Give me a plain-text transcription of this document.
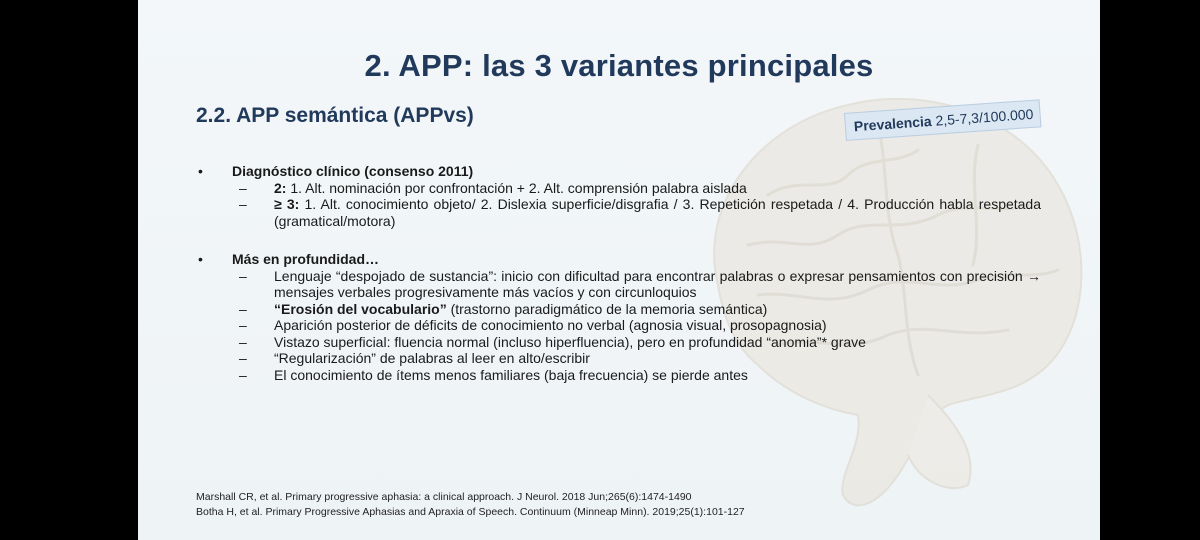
2. APP: las 3 variantes principales
2.2. APP semántica (APPvs)	Prevalencia 2,5-7,3/100.000

• Diagnóstico clínico (consenso 2011)

– 2: 1. Alt. nominación por confrontación + 2. Alt. comprensión palabra aislada

– ≥ 3: 1. Alt. conocimiento objeto/ 2. Dislexia superficie/disgrafia / 3. Repetición respetada / 4. Producción habla respetada (gramatical/motora)

• Más en profundidad…

– Lenguaje “despojado de sustancia”: inicio con dificultad para encontrar palabras o expresar pensamientos con precisión → mensajes verbales progresivamente más vacíos y con circunloquios

– “Erosión del vocabulario” (trastorno paradigmático de la memoria semántica)

– Aparición posterior de déficits de conocimiento no verbal (agnosia visual, prosopagnosia)

– Vistazo superficial: fluencia normal (incluso hiperfluencia), pero en profundidad “anomia”* grave

– “Regularización” de palabras al leer en alto/escribir

– El conocimiento de ítems menos familiares (baja frecuencia) se pierde antes

Marshall CR, et al. Primary progressive aphasia: a clinical approach. J Neurol. 2018 Jun;265(6):1474-1490
Botha H, et al. Primary Progressive Aphasias and Apraxia of Speech. Continuum (Minneap Minn). 2019;25(1):101-127
